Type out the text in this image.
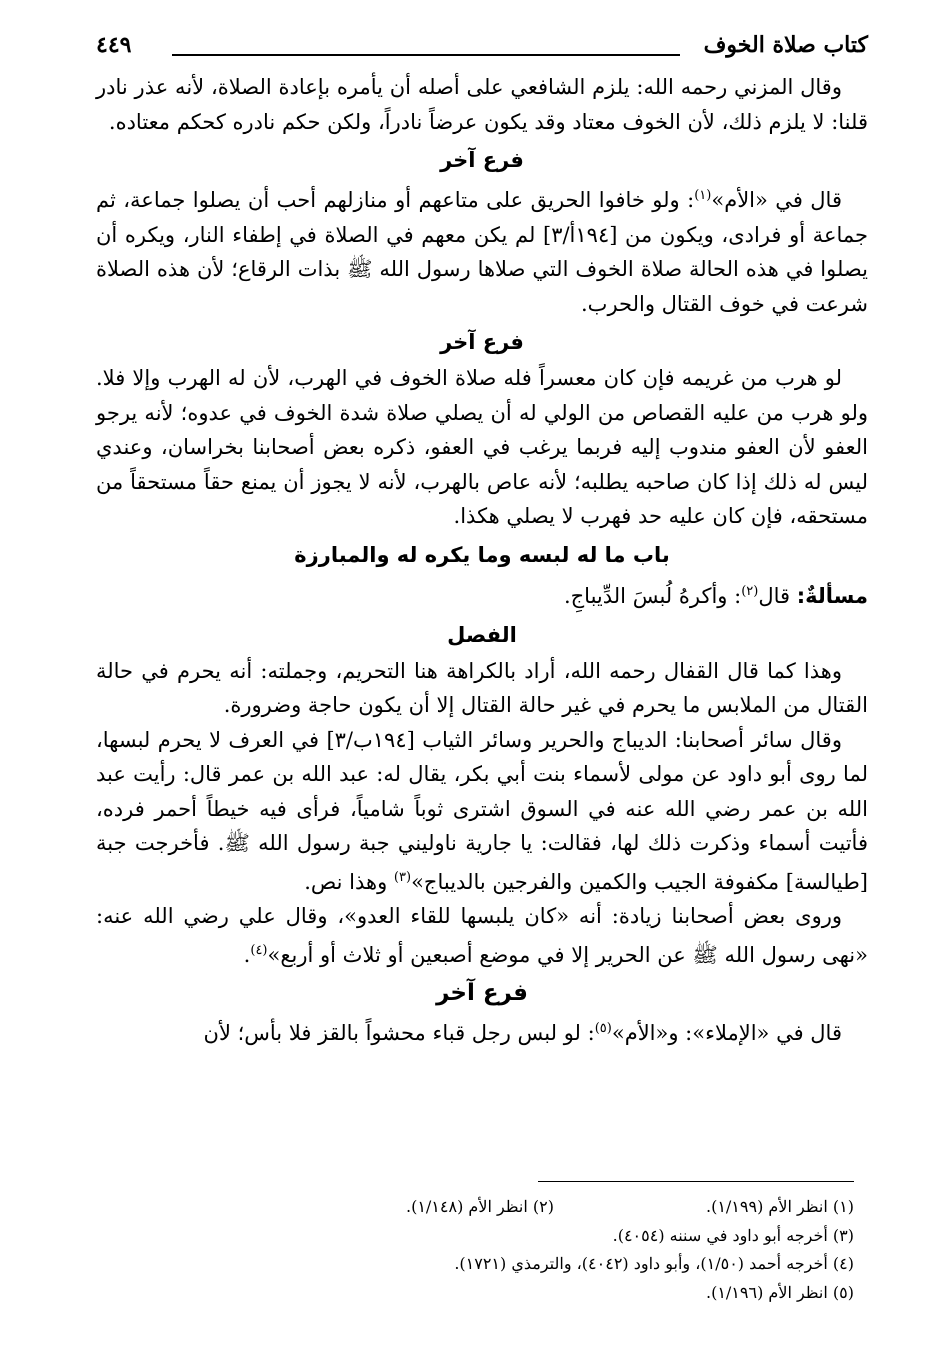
كتاب صلاة الخوف
٤٤٩

وقال المزني رحمه الله: يلزم الشافعي على أصله أن يأمره بإعادة الصلاة، لأنه عذر نادر قلنا: لا يلزم ذلك، لأن الخوف معتاد وقد يكون عرضاً نادراً، ولكن حكم نادره كحكم معتاده.

فرع آخر

قال في «الأم»$^{(١)}$: ولو خافوا الحريق على متاعهم أو منازلهم أحب أن يصلوا جماعة، ثم جماعة أو فرادى، ويكون من [١٩٤أ/٣] لم يكن معهم في الصلاة في إطفاء النار، ويكره أن يصلوا في هذه الحالة صلاة الخوف التي صلاها رسول الله ﷺ بذات الرقاع؛ لأن هذه الصلاة شرعت في خوف القتال والحرب.

فرع آخر

لو هرب من غريمه فإن كان معسراً فله صلاة الخوف في الهرب، لأن له الهرب وإلا فلا. ولو هرب من عليه القصاص من الولي له أن يصلي صلاة شدة الخوف في عدوه؛ لأنه يرجو العفو لأن العفو مندوب إليه فربما يرغب في العفو، ذكره بعض أصحابنا بخراسان، وعندي ليس له ذلك إذا كان صاحبه يطلبه؛ لأنه عاص بالهرب، لأنه لا يجوز أن يمنع حقاً مستحقاً من مستحقه، فإن كان عليه حد فهرب لا يصلي هكذا.

باب ما له لبسه وما يكره له والمبارزة

مسألةٌ: قال$^{(٢)}$: وأكرهُ لُبسَ الدِّيباجِ.

الفصل

وهذا كما قال القفال رحمه الله، أراد بالكراهة هنا التحريم، وجملته: أنه يحرم في حالة القتال من الملابس ما يحرم في غير حالة القتال إلا أن يكون حاجة وضرورة.

وقال سائر أصحابنا: الديباج والحرير وسائر الثياب [١٩٤ب/٣] في العرف لا يحرم لبسها، لما روى أبو داود عن مولى لأسماء بنت أبي بكر، يقال له: عبد الله بن عمر قال: رأيت عبد الله بن عمر رضي الله عنه في السوق اشترى ثوباً شامياً، فرأى فيه خيطاً أحمر فرده، فأتيت أسماء وذكرت ذلك لها، فقالت: يا جارية ناوليني جبة رسول الله ﷺ. فأخرجت جبة [طيالسة] مكفوفة الجيب والكمين والفرجين بالديباج»$^{(٣)}$ وهذا نص.

وروى بعض أصحابنا زيادة: أنه «كان يلبسها للقاء العدو»، وقال علي رضي الله عنه: «نهى رسول الله ﷺ عن الحرير إلا في موضع أصبعين أو ثلاث أو أربع»$^{(٤)}$.

فرع آخر

قال في «الإملاء»: و«الأم»$^{(٥)}$: لو لبس رجل قباء محشواً بالقز فلا بأس؛ لأن

(١) انظر الأم (١/١٩٩).
(٢) انظر الأم (١/١٤٨).
(٣) أخرجه أبو داود في سننه (٤٠٥٤).
(٤) أخرجه أحمد (١/٥٠)، وأبو داود (٤٠٤٢)، والترمذي (١٧٢١).
(٥) انظر الأم (١/١٩٦).
